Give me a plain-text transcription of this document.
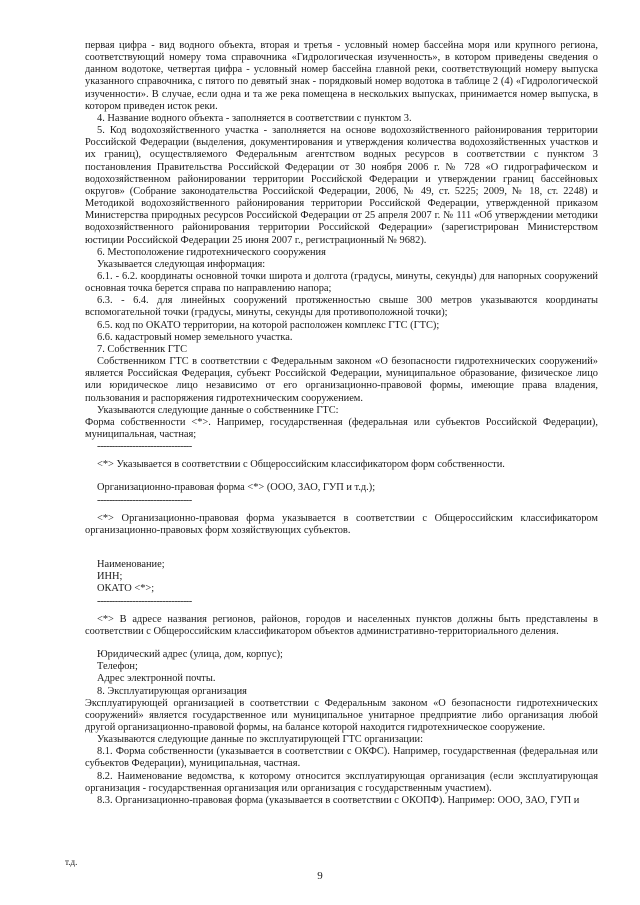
первая цифра - вид водного объекта, вторая и третья - условный номер бассейна моря или крупного региона, соответствующий номеру тома справочника «Гидрологическая изученность», в котором приведены сведения о данном водотоке, четвертая цифра - условный номер бассейна главной реки, соответствующий номеру выпуска указанного справочника, с пятого по девятый знак - порядковый номер водотока в таблице 2 (4) «Гидрологической изученности». В случае, если одна и та же река помещена в нескольких выпусках, принимается номер выпуска, в котором приведен исток реки.

4. Название водного объекта - заполняется в соответствии с пунктом 3.

5. Код водохозяйственного участка - заполняется на основе водохозяйственного районирования территории Российской Федерации (выделения, документирования и утверждения количества водохозяйственных участков и их границ), осуществляемого Федеральным агентством водных ресурсов в соответствии с пунктом 3 постановления Правительства Российской Федерации от 30 ноября 2006 г. № 728 «О гидрографическом и водохозяйственном районировании территории Российской Федерации и утверждении границ бассейновых округов» (Собрание законодательства Российской Федерации, 2006, № 49, ст. 5225; 2009, № 18, ст. 2248) и Методикой водохозяйственного районирования территории Российской Федерации, утвержденной приказом Министерства природных ресурсов Российской Федерации от 25 апреля 2007 г. № 111 «Об утверждении методики водохозяйственного районирования территории Российской Федерации» (зарегистрирован Министерством юстиции Российской Федерации 25 июня 2007 г., регистрационный № 9682).

6. Местоположение гидротехнического сооружения

Указывается следующая информация:

6.1. - 6.2. координаты основной точки широта и долгота (градусы, минуты, секунды) для напорных сооружений основная точка берется справа по направлению напора;

6.3. - 6.4. для линейных сооружений протяженностью свыше 300 метров указываются координаты вспомогательной точки (градусы, минуты, секунды для противоположной точки);

6.5. код по ОКАТО территории, на которой расположен комплекс ГТС (ГТС);

6.6. кадастровый номер земельного участка.

7. Собственник ГТС

Собственником ГТС в соответствии с Федеральным законом «О безопасности гидротехнических сооружений» является Российская Федерация, субъект Российской Федерации, муниципальное образование, физическое лицо или юридическое лицо независимо от его организационно-правовой формы, имеющие права владения, пользования и распоряжения гидротехническим сооружением.

Указываются следующие данные о собственнике ГТС:

Форма собственности <*>. Например, государственная (федеральная или субъектов Российской Федерации), муниципальная, частная;

--------------------------------

<*> Указывается в соответствии с Общероссийским классификатором форм собственности.

Организационно-правовая форма <*> (ООО, ЗАО, ГУП и т.д.);

--------------------------------

<*> Организационно-правовая форма указывается в соответствии с Общероссийским классификатором организационно-правовых форм хозяйствующих субъектов.

Наименование;

ИНН;

ОКАТО <*>;

--------------------------------

<*> В адресе названия регионов, районов, городов и населенных пунктов должны быть представлены в соответствии с Общероссийским классификатором объектов административно-территориального деления.

Юридический адрес (улица, дом, корпус);

Телефон;

Адрес электронной почты.

8. Эксплуатирующая организация

Эксплуатирующей организацией в соответствии с Федеральным законом «О безопасности гидротехнических сооружений» является государственное или муниципальное унитарное предприятие либо организация любой другой организационно-правовой формы, на балансе которой находится гидротехническое сооружение.

Указываются следующие данные по эксплуатирующей ГТС организации:

8.1. Форма собственности (указывается в соответствии с ОКФС). Например, государственная (федеральная или субъектов Федерации), муниципальная, частная.

8.2. Наименование ведомства, к которому относится эксплуатирующая организация (если эксплуатирующая организация - государственная организация или организация с государственным участием).

8.3. Организационно-правовая форма (указывается в соответствии с ОКОПФ). Например: ООО, ЗАО, ГУП и

т.д.
9
